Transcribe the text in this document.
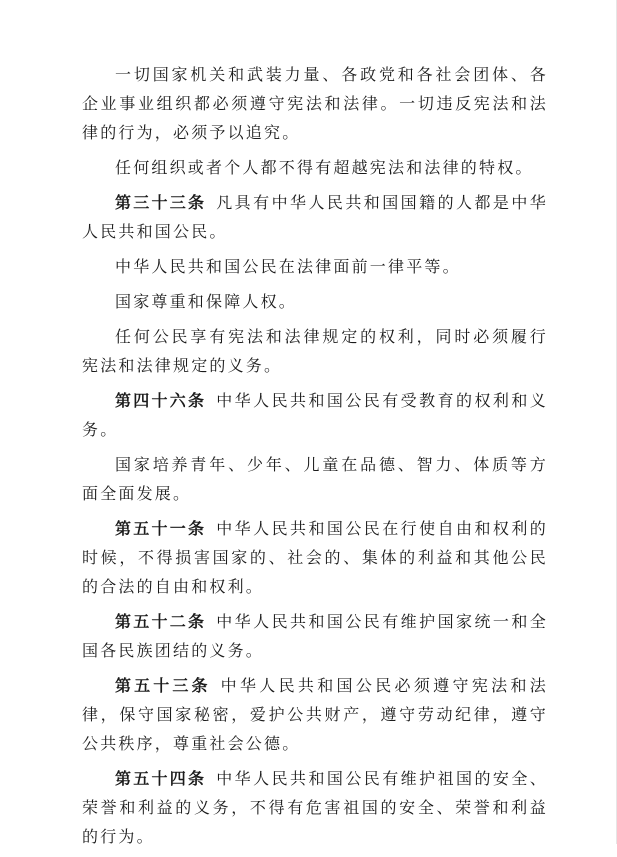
一切国家机关和武装力量、各政党和各社会团体、各企业事业组织都必须遵守宪法和法律。一切违反宪法和法律的行为，必须予以追究。

任何组织或者个人都不得有超越宪法和法律的特权。

第三十三条 凡具有中华人民共和国国籍的人都是中华人民共和国公民。

中华人民共和国公民在法律面前一律平等。

国家尊重和保障人权。

任何公民享有宪法和法律规定的权利，同时必须履行宪法和法律规定的义务。

第四十六条 中华人民共和国公民有受教育的权利和义务。

国家培养青年、少年、儿童在品德、智力、体质等方面全面发展。

第五十一条 中华人民共和国公民在行使自由和权利的时候，不得损害国家的、社会的、集体的利益和其他公民的合法的自由和权利。

第五十二条 中华人民共和国公民有维护国家统一和全国各民族团结的义务。

第五十三条 中华人民共和国公民必须遵守宪法和法律，保守国家秘密，爱护公共财产，遵守劳动纪律，遵守公共秩序，尊重社会公德。

第五十四条 中华人民共和国公民有维护祖国的安全、荣誉和利益的义务，不得有危害祖国的安全、荣誉和利益的行为。
